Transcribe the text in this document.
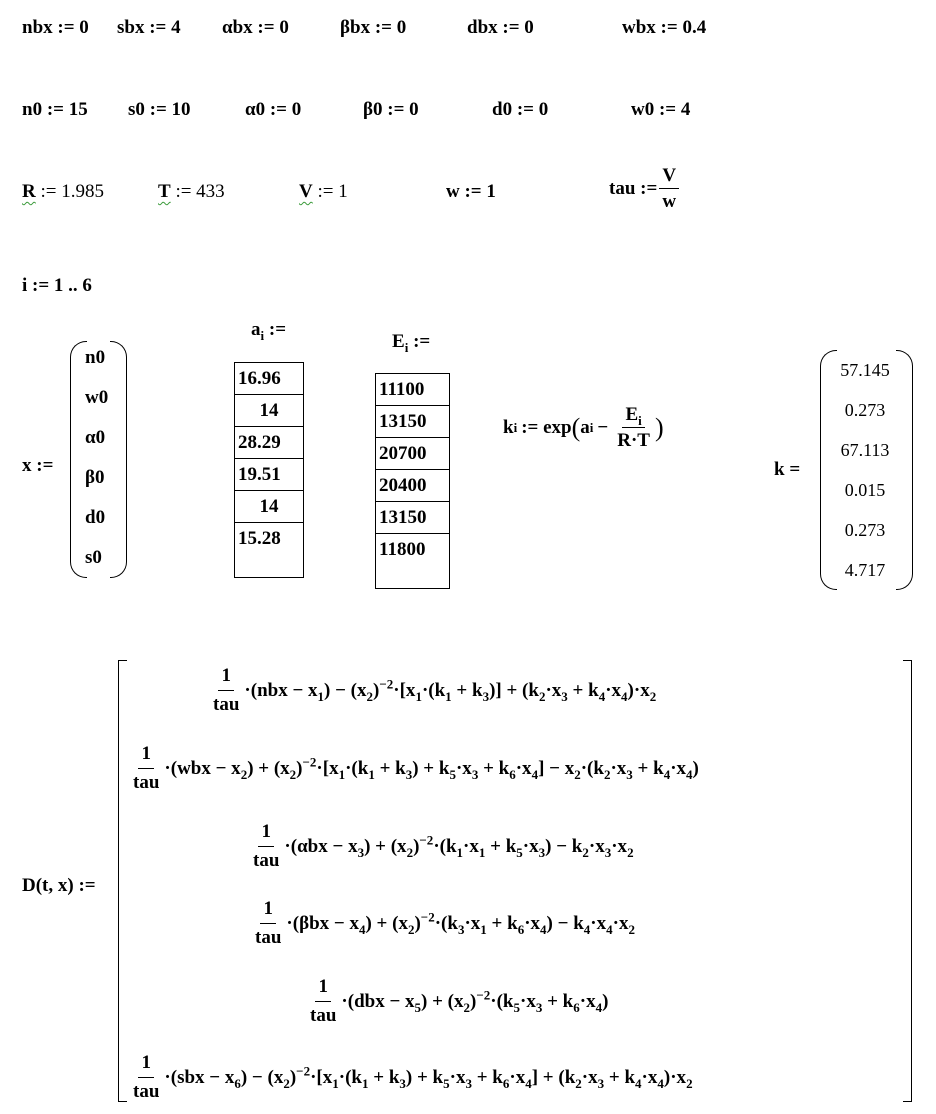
nbx := 0 sbx := 4 αbx := 0	βbx := 0	dbx := 0	wbx := 0.4
n0 := 15 s0 := 10	α0 := 0	β0 := 0	d0 := 0	w0 := 4
R := 1.985	T := 433	V := 1	w := 1	tau := $\frac{V}{w}$
i := 1 .. 6
x :=
n0
w0
α0
β0
d0
s0
$a_i$ :=
16.96
14
28.29
19.51
14
15.28
$E_i$ :=
11100
13150
20700
20400
13150
11800
k i := exp ( a $i - \frac{E_i}{R\cdot T}$ )
k =
57.145
0.273
67.113
0.015
0.273
4.717
D(t, x) :=
$\frac{1}{\text{tau}} \cdot(nbx - x_1) - (x_2)^{-2}\cdot[x_1\cdot(k_1 + k_3)] + (k_2\cdot x_3 + k_4\cdot x_4)\cdot x_2$
$\frac{1}{\text{tau}} \cdot(wbx - x_2) + (x_2)^{-2}\cdot[x_1\cdot(k_1 + k_3) + k_5\cdot x_3 + k_6\cdot x_4] - x_2\cdot(k_2\cdot x_3 + k_4\cdot x_4)$
$\frac{1}{\text{tau}} \cdot(\alpha bx - x_3) + (x_2)^{-2}\cdot(k_1\cdot x_1 + k_5\cdot x_3) - k_2\cdot x_3\cdot x_2$
$\frac{1}{\text{tau}} \cdot(\beta bx - x_4) + (x_2)^{-2}\cdot(k_3\cdot x_1 + k_6\cdot x_4) - k_4\cdot x_4\cdot x_2$
$\frac{1}{\text{tau}} \cdot(dbx - x_5) + (x_2)^{-2}\cdot(k_5\cdot x_3 + k_6\cdot x_4)$
$\frac{1}{\text{tau}} \cdot(sbx - x_6) - (x_2)^{-2}\cdot[x_1\cdot(k_1 + k_3) + k_5\cdot x_3 + k_6\cdot x_4] + (k_2\cdot x_3 + k_4\cdot x_4)\cdot x_2$
